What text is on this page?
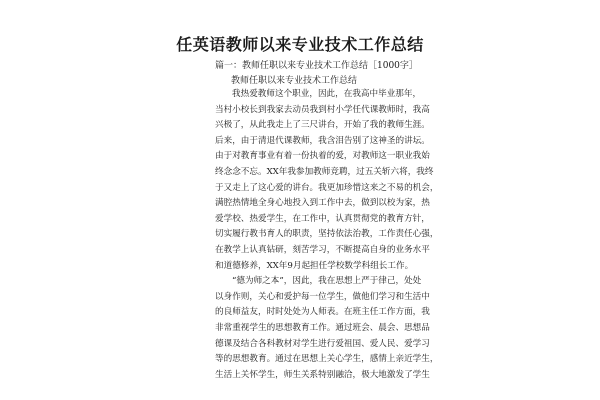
任英语教师以来专业技术工作总结
篇一：教师任职以来专业技术工作总结［1000字］
教师任职以来专业技术工作总结
我热爱教师这个职业，因此，在我高中毕业那年，
当村小校长到我家去动员我到村小学任代课教师时，我高
兴极了，从此我走上了三尺讲台，开始了我的教师生涯。
后来，由于清退代课教师，我含泪告别了这神圣的讲坛。
由于对教育事业有着一份执着的爱，对教师这一职业我始
终念念不忘。XX年我参加教师竞聘，过五关斩六将，我终
于又走上了这心爱的讲台。我更加珍惜这来之不易的机会，
满腔热情地全身心地投入到工作中去，做到以校为家，热
爱学校、热爱学生，在工作中，认真贯彻党的教育方针，
切实履行教书育人的职责，坚持依法治教，工作责任心强，
在教学上认真钻研，刻苦学习，不断提高自身的业务水平
和道德修养，XX年9月起担任学校数学科组长工作。
“德为师之本”，因此，我在思想上严于律己，处处
以身作则，关心和爱护每一位学生，做他们学习和生活中
的良师益友，时时处处为人师表。在班主任工作方面，我
非常重视学生的思想教育工作。通过班会、晨会、思想品
德课及结合各科教材对学生进行爱祖国、爱人民、爱学习
等的思想教育。通过在思想上关心学生，感情上亲近学生，
生活上关怀学生，师生关系特别融洽，极大地激发了学生
